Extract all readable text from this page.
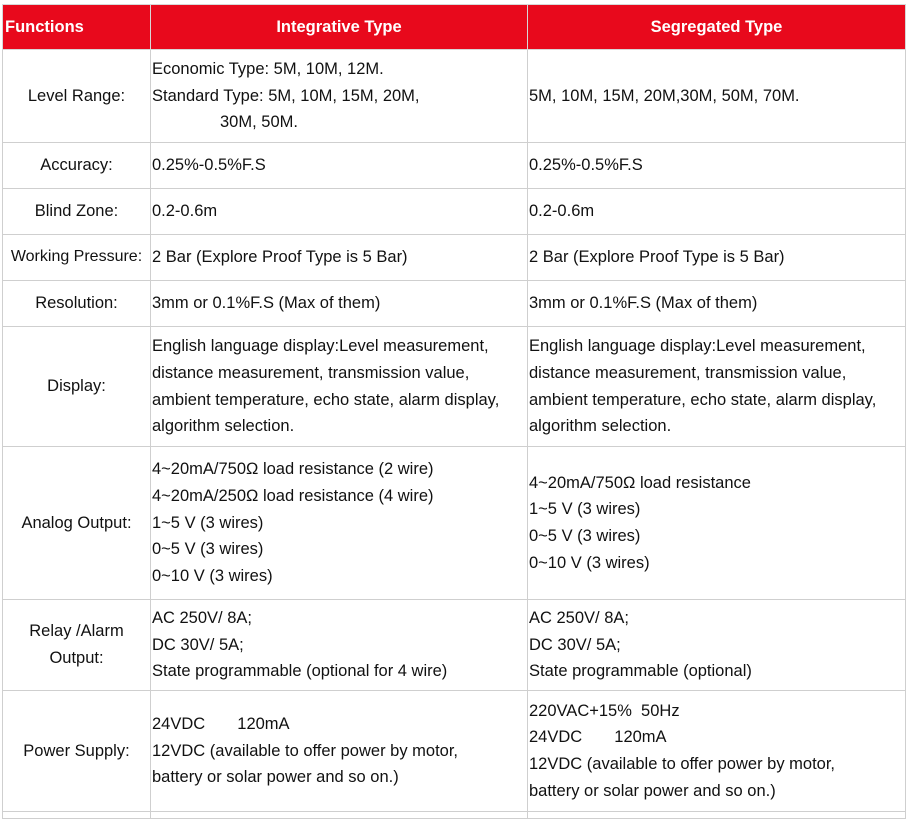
Functions	Integrative Type	Segregated Type
Level Range:	Economic Type: 5M, 10M, 12M.
Standard Type: 5M, 10M, 15M, 20M,
30M, 50M.	5M, 10M, 15M, 20M,30M, 50M, 70M.

Accuracy:	0.25%-0.5%F.S	0.25%-0.5%F.S

Blind Zone:	0.2-0.6m	0.2-0.6m

Working Pressure:	2 Bar (Explore Proof Type is 5 Bar)	2 Bar (Explore Proof Type is 5 Bar)

Resolution:	3mm or 0.1%F.S (Max of them)	3mm or 0.1%F.S (Max of them)

Display:	English language display:Level measurement,
distance measurement, transmission value,
ambient temperature, echo state, alarm display,
algorithm selection.	English language display:Level measurement,
distance measurement, transmission value,
ambient temperature, echo state, alarm display,
algorithm selection.

Analog Output:	4~20mA/750Ω load resistance (2 wire)
4~20mA/250Ω load resistance (4 wire)
1~5 V (3 wires)
0~5 V (3 wires)
0~10 V (3 wires)	4~20mA/750Ω load resistance
1~5 V (3 wires)
0~5 V (3 wires)
0~10 V (3 wires)

Relay /Alarm
Output:	AC 250V/ 8A;
DC 30V/ 5A;
State programmable (optional for 4 wire)	AC 250V/ 8A;
DC 30V/ 5A;
State programmable (optional)

Power Supply:	24VDC       120mA
12VDC (available to offer power by motor,
battery or solar power and so on.)	220VAC+15%  50Hz
24VDC       120mA
12VDC (available to offer power by motor,
battery or solar power and so on.)
